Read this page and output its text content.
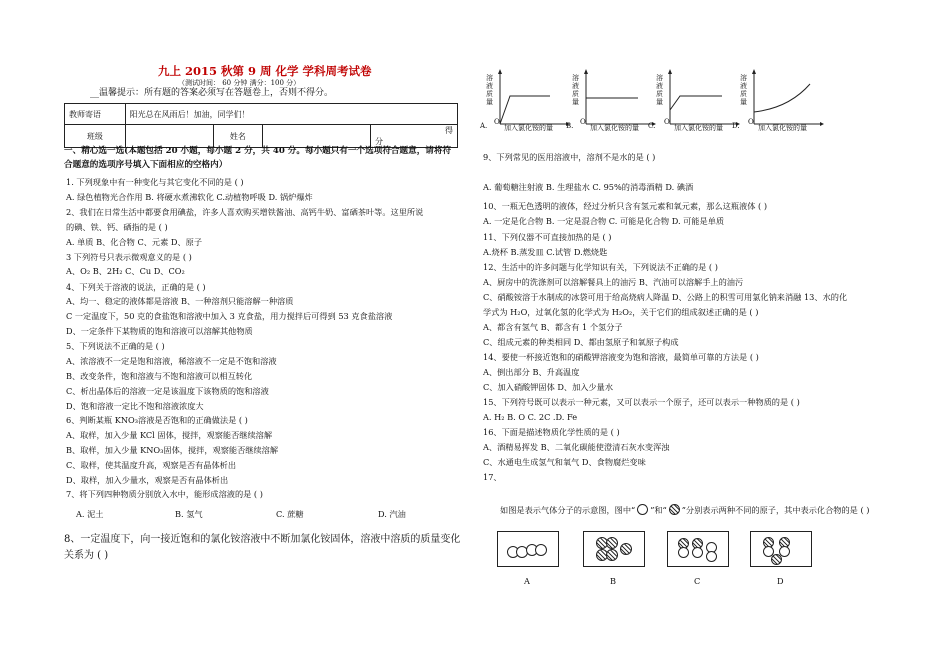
九上 2015 秋第 9 周 化学 学科周考试卷
（测试时间： 60 分钟 满分：100 分）
__温馨提示：所有题的答案必须写在答题卷上，否则不得分。
教师寄语	阳光总在风雨后！加油，同学们！			
班级		姓名		得分
一、精心选一选(本题包括 20 小题，每小题 2 分，共 40 分。每小题只有一个选项符合题意，请将符
合题意的选项序号填入下面相应的空格内）
1. 下列现象中有一种变化与其它变化不同的是 ( )
A. 绿色植物光合作用 B. 将硬水煮沸软化 C.动植物呼吸 D. 锅炉爆炸
2、我们在日常生活中都要食用碘盐，许多人喜欢购买增铁酱油、高钙牛奶、富硒茶叶等。这里所说
的碘、铁、钙、硒指的是 ( )
A. 单质 B、化合物 C、元素 D、原子
3 下列符号只表示微观意义的是 ( )
A、O₂ B、2H₂ C、Cu D、CO₂
4、下列关于溶液的说法，正确的是 ( )
A、均一、稳定的液体都是溶液 B、一种溶剂只能溶解一种溶质
C 一定温度下，50 克的食盐饱和溶液中加入 3 克食盐，用力搅拌后可得到 53 克食盐溶液
D、一定条件下某物质的饱和溶液可以溶解其他物质
5、下列说法不正确的是 ( )
A、浓溶液不一定是饱和溶液，稀溶液不一定是不饱和溶液
B、改变条件，饱和溶液与不饱和溶液可以相互转化
C、析出晶体后的溶液一定是该温度下该物质的饱和溶液
D、饱和溶液一定比不饱和溶液浓度大
6、判断某瓶 KNO₃溶液是否饱和的正确做法是 ( )
A、取样，加入少量 KCl 固体，搅拌，观察能否继续溶解
B、取样，加入少量 KNO₃固体，搅拌，观察能否继续溶解
C、取样，使其温度升高，观察是否有晶体析出
D、取样，加入少量水，观察是否有晶体析出
7、将下列四种物质分别放入水中，能形成溶液的是 ( )
A. 泥土	B. 氢气	C. 蔗糖	D. 汽油
8、一定温度下，向一接近饱和的氯化铵溶液中不断加氯化铵固体，溶液中溶质的质量变化关系为 ( )
溶液质量
A. O
加入氯化铵的量
溶液质量
B. O
加入氯化铵的量
溶液质量
C. O
加入氯化铵的量
溶液质量
D. O
加入氯化铵的量
9、下列常见的医用溶液中，溶剂不是水的是 ( )
A. 葡萄糖注射液 B. 生理盐水 C. 95%的消毒酒精 D. 碘酒
10、一瓶无色透明的液体，经过分析只含有氢元素和氧元素，那么这瓶液体 ( )
A. 一定是化合物 B. 一定是混合物 C. 可能是化合物 D. 可能是单质
11、下列仪器不可直接加热的是 ( )
A.烧杯 B.蒸发皿 C.试管 D.燃烧匙
12、生活中的许多问题与化学知识有关，下列说法不正确的是 ( )
A、厨房中的洗涤剂可以溶解餐具上的油污 B、汽油可以溶解手上的油污
C、硝酸铵溶于水制成的冰袋可用于给高烧病人降温 D、公路上的积雪可用氯化钠来消融 13、水的化
学式为 H₂O，过氧化氢的化学式为 H₂O₂，关于它们的组成叙述正确的是 ( )
A、都含有氢气 B、都含有 1 个氢分子
C、组成元素的种类相同 D、都由氢原子和氧原子构成
14、要使一杯接近饱和的硝酸钾溶液变为饱和溶液，最简单可靠的方法是 ( )
A、倒出部分 B、升高温度
C、加入硝酸钾固体 D、加入少量水
15、下列符号既可以表示一种元素，又可以表示一个原子，还可以表示一种物质的是 ( )
A. H₂ B. O C. 2C .D. Fe
16、下面是描述物质化学性质的是 ( )
A、酒精易挥发 B、二氧化碳能使澄清石灰水变浑浊
C、水通电生成氢气和氧气 D、食物腐烂变味
17、
如图是表示气体分子的示意图，图中“ ”和“ ”分别表示两种不同的原子，其中表示化合物的是 ( )
A	B	C	D
